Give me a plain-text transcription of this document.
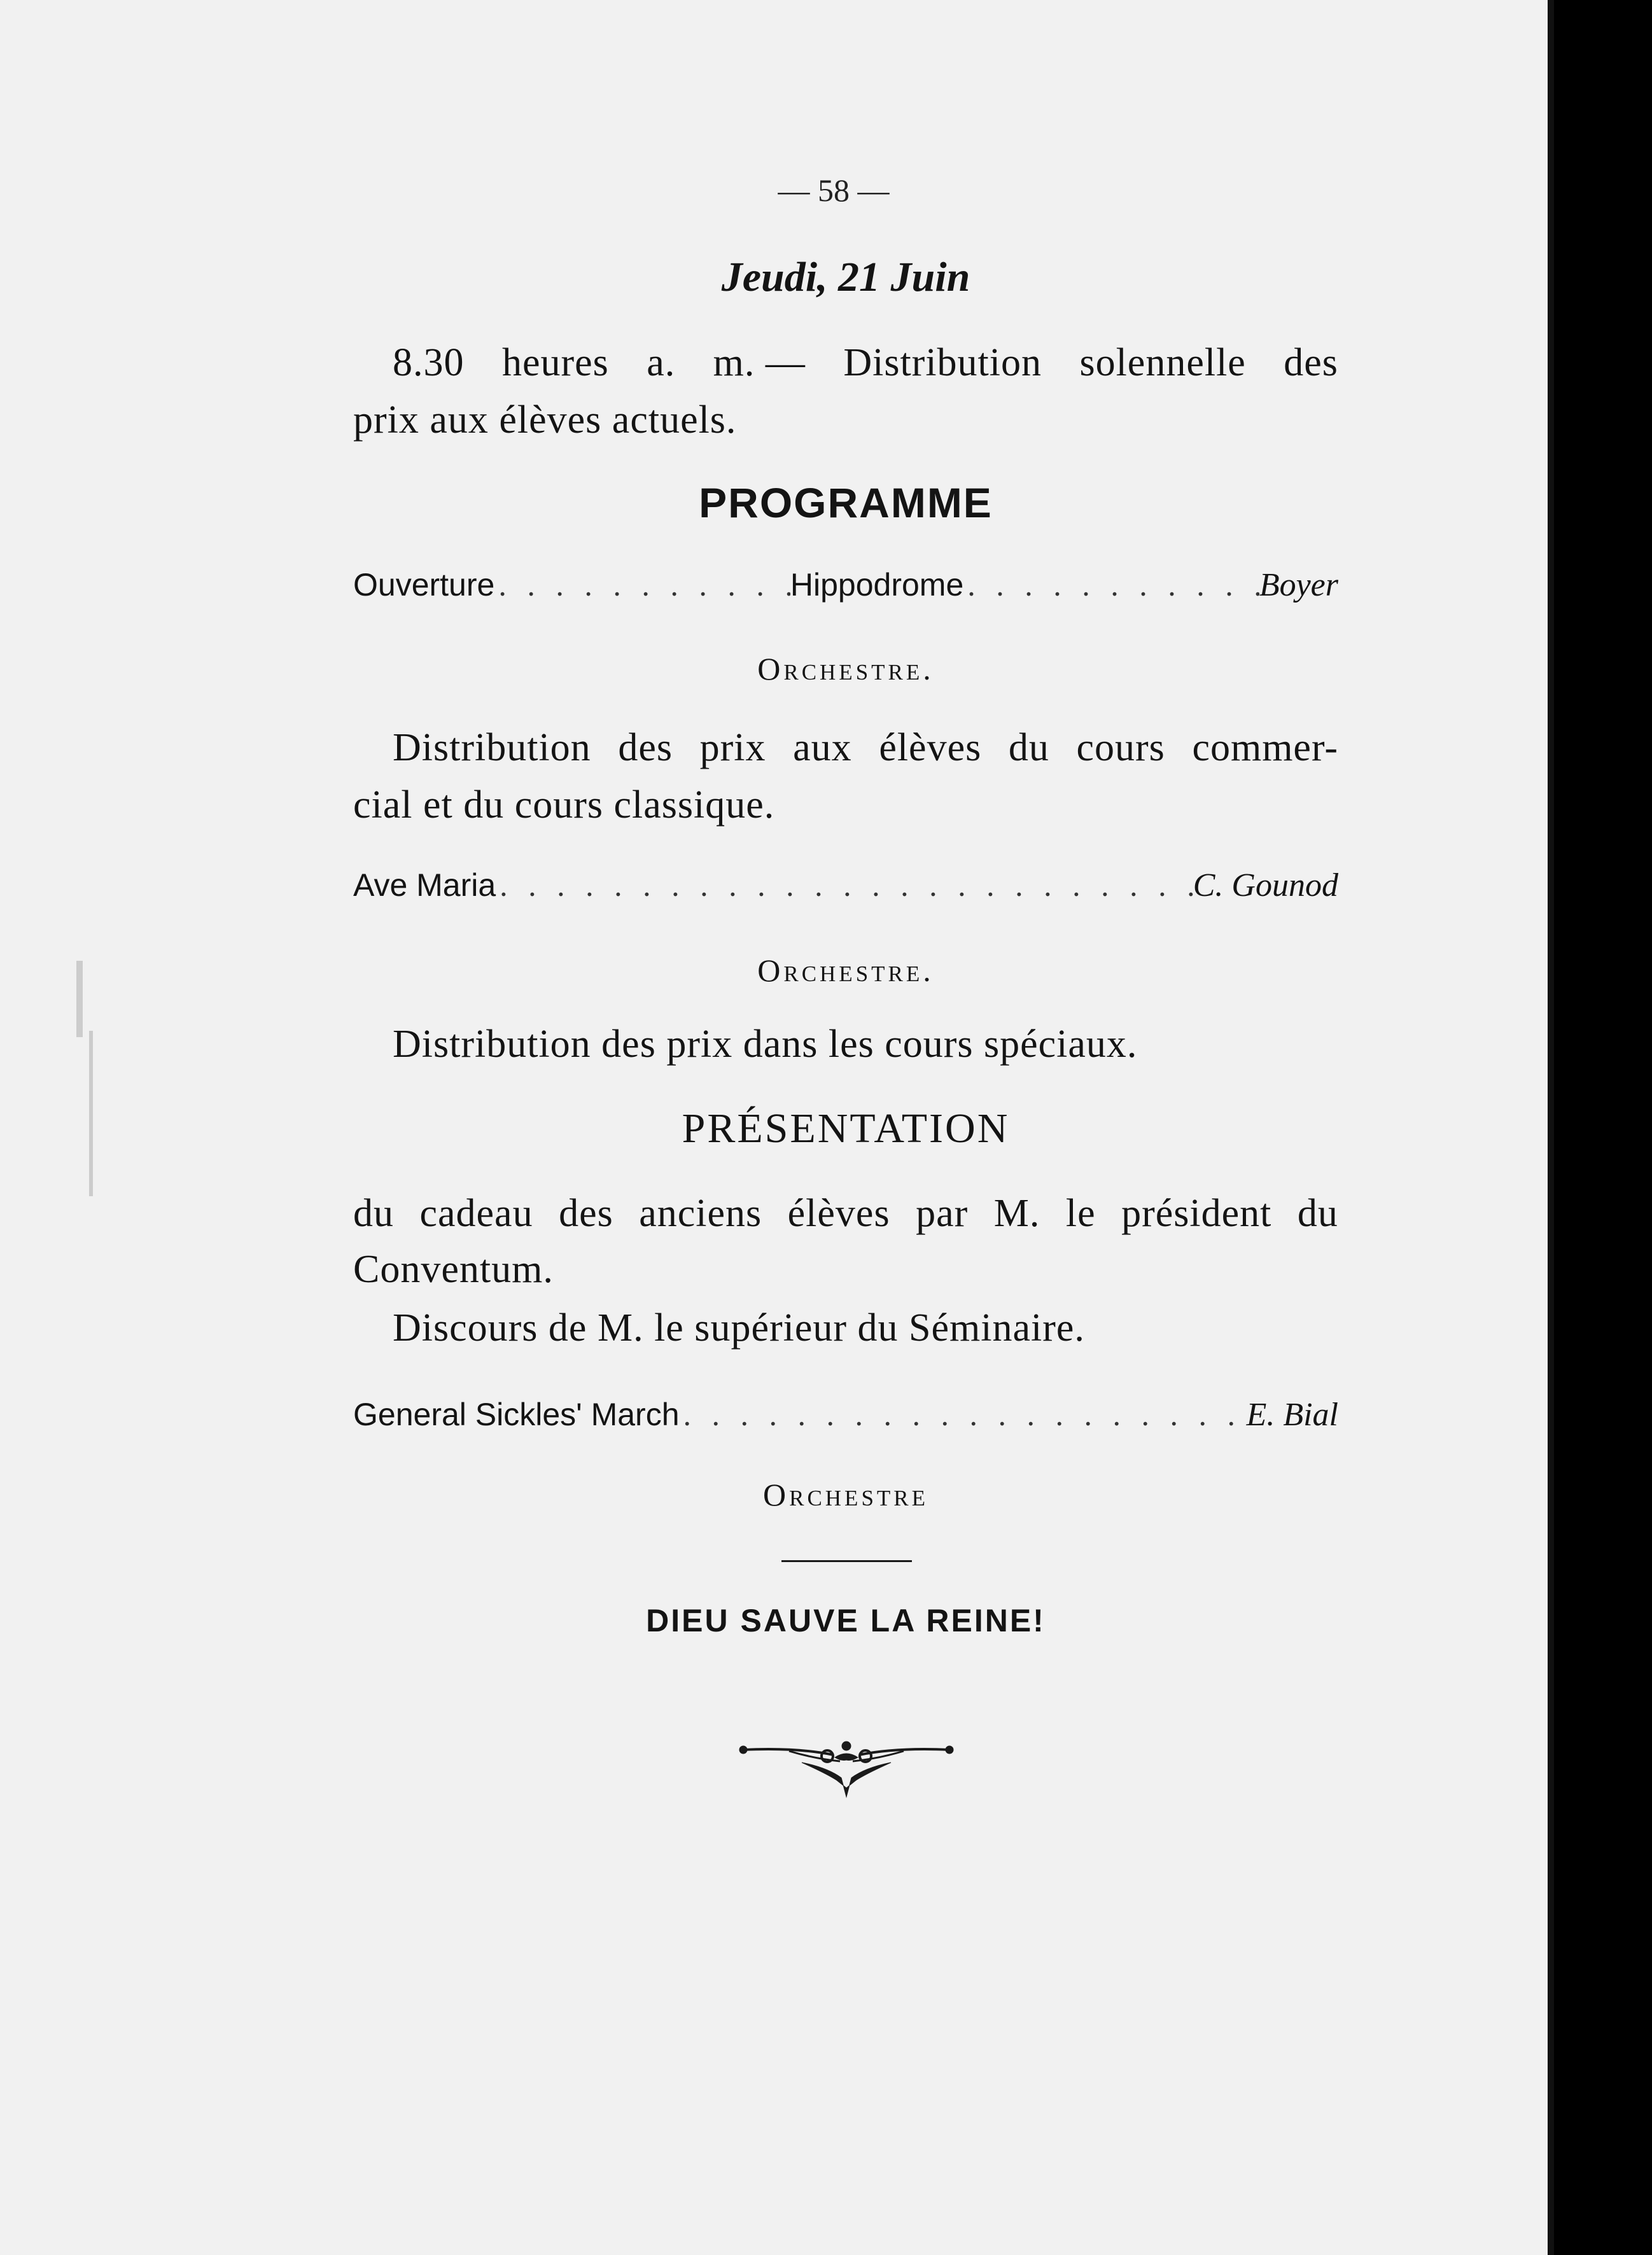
— 58 —
Jeudi, 21 Juin
8.30 heures a. m. — Distribution solennelle des
prix aux élèves actuels.
PROGRAMME
Ouverture . . .	Hippodrome . . .	Boyer
Orchestre.
Distribution des prix aux élèves du cours commer-
cial et du cours classique.
Ave Maria . . .	C. Gounod
Orchestre.
Distribution des prix dans les cours spéciaux.
PRÉSENTATION
du cadeau des anciens élèves par M. le président du
Conventum.
Discours de M. le supérieur du Séminaire.
General Sickles' March . . .	E. Bial
Orchestre
DIEU SAUVE LA REINE!
